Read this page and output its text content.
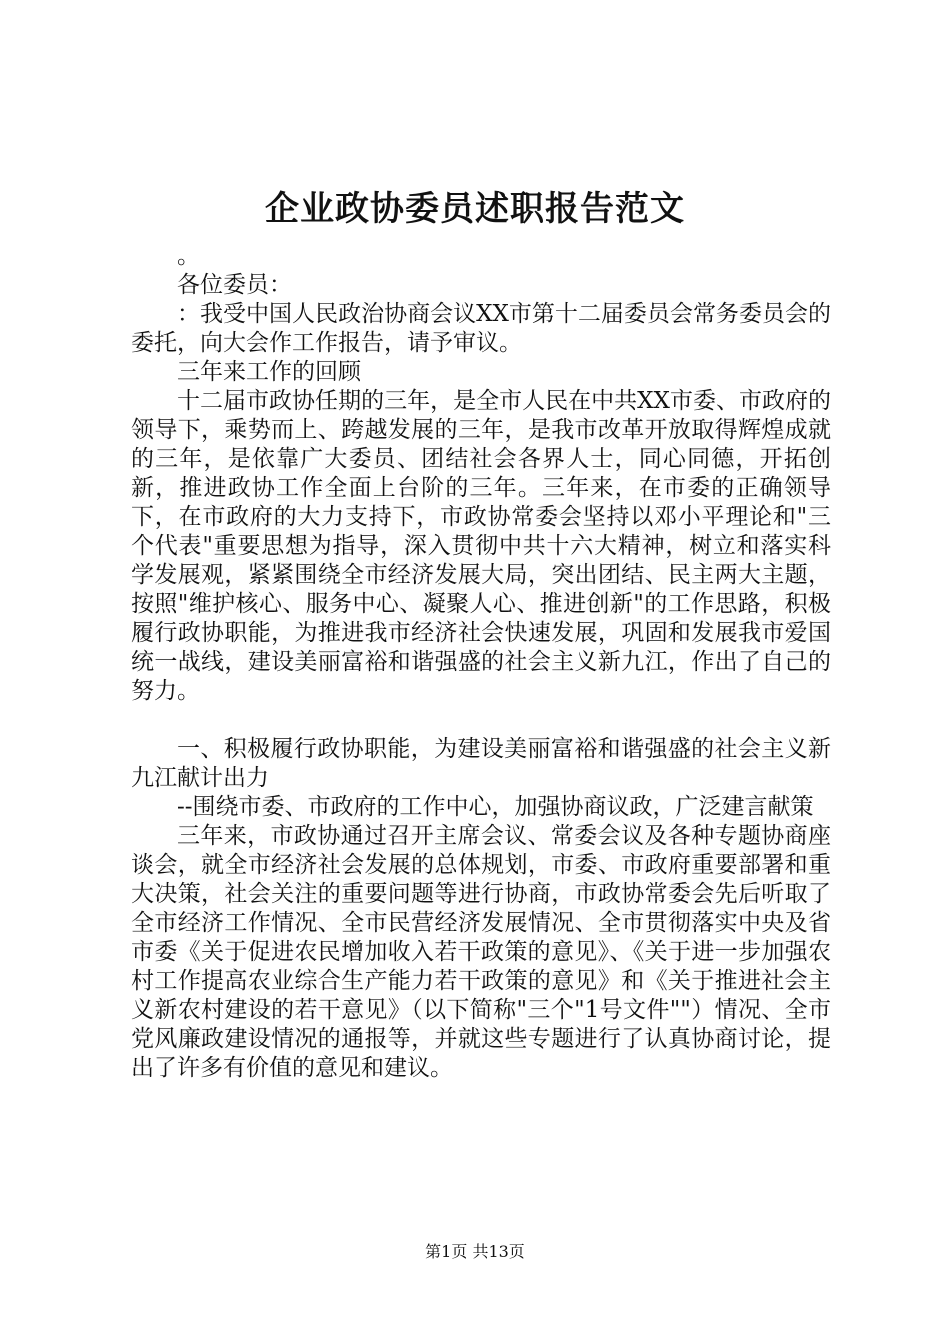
企业政协委员述职报告范文

。

各位委员：

：我受中国人民政治协商会议XX市第十二届委员会常务委员会的委托，向大会作工作报告，请予审议。

三年来工作的回顾

十二届市政协任期的三年，是全市人民在中共XX市委、市政府的领导下，乘势而上、跨越发展的三年，是我市改革开放取得辉煌成就的三年，是依靠广大委员、团结社会各界人士，同心同德，开拓创新，推进政协工作全面上台阶的三年。三年来，在市委的正确领导下，在市政府的大力支持下，市政协常委会坚持以邓小平理论和"三个代表"重要思想为指导，深入贯彻中共十六大精神，树立和落实科学发展观，紧紧围绕全市经济发展大局，突出团结、民主两大主题，按照"维护核心、服务中心、凝聚人心、推进创新"的工作思路，积极履行政协职能，为推进我市经济社会快速发展，巩固和发展我市爱国统一战线，建设美丽富裕和谐强盛的社会主义新九江，作出了自己的努力。

一、积极履行政协职能，为建设美丽富裕和谐强盛的社会主义新九江献计出力

--围绕市委、市政府的工作中心，加强协商议政，广泛建言献策

三年来，市政协通过召开主席会议、常委会议及各种专题协商座谈会，就全市经济社会发展的总体规划，市委、市政府重要部署和重大决策，社会关注的重要问题等进行协商，市政协常委会先后听取了全市经济工作情况、全市民营经济发展情况、全市贯彻落实中央及省市委《关于促进农民增加收入若干政策的意见》、《关于进一步加强农村工作提高农业综合生产能力若干政策的意见》和《关于推进社会主义新农村建设的若干意见》（以下简称"三个"1号文件""）情况、全市党风廉政建设情况的通报等，并就这些专题进行了认真协商讨论，提出了许多有价值的意见和建议。

第1页 共13页
